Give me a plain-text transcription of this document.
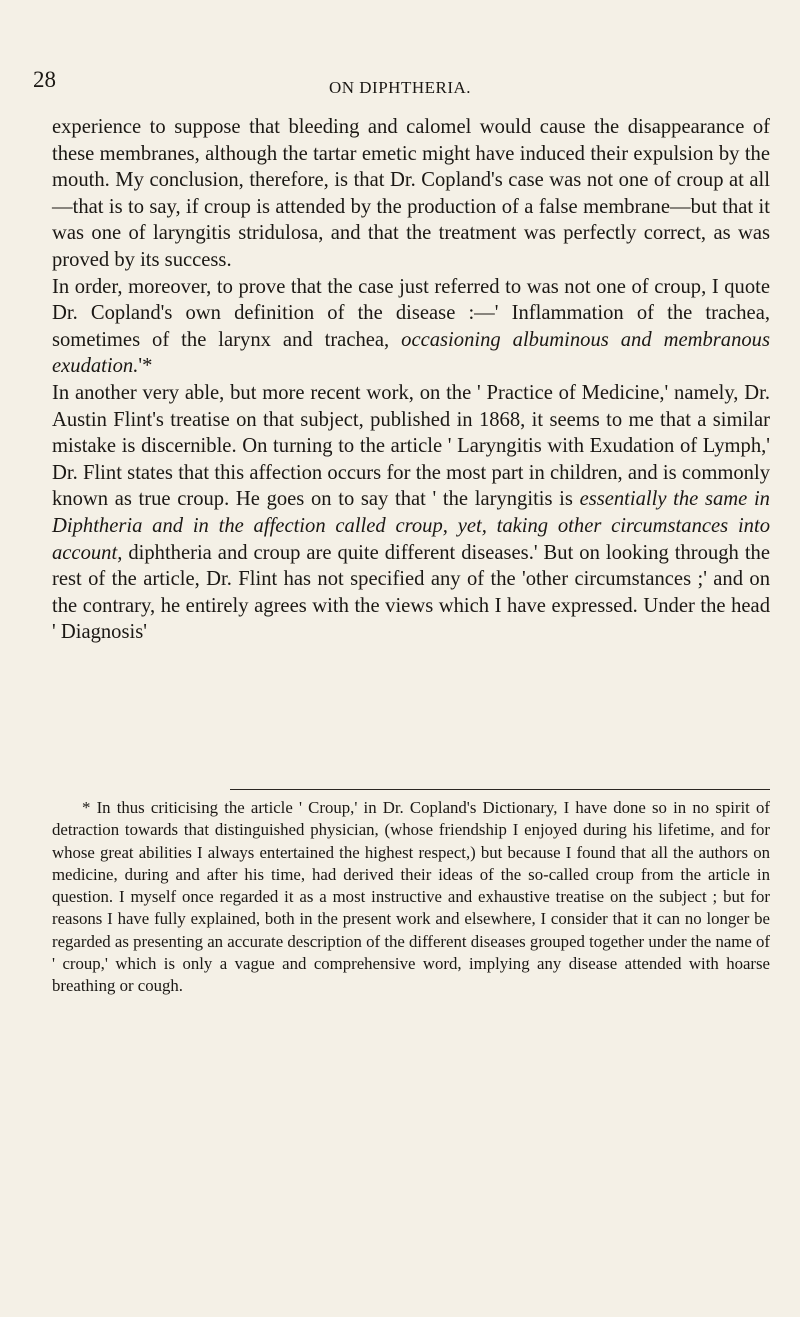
28	ON DIPHTHERIA.

experience to suppose that bleeding and calomel would cause the disappearance of these membranes, although the tartar emetic might have induced their expulsion by the mouth. My conclusion, therefore, is that Dr. Copland's case was not one of croup at all—that is to say, if croup is attended by the production of a false membrane—but that it was one of laryngitis stridulosa, and that the treatment was perfectly correct, as was proved by its success.

In order, moreover, to prove that the case just referred to was not one of croup, I quote Dr. Copland's own definition of the disease :—' Inflammation of the trachea, sometimes of the larynx and trachea, occasioning albuminous and membranous exudation.'*

In another very able, but more recent work, on the ' Practice of Medicine,' namely, Dr. Austin Flint's treatise on that subject, published in 1868, it seems to me that a similar mistake is discernible. On turning to the article ' Laryngitis with Exudation of Lymph,' Dr. Flint states that this affection occurs for the most part in children, and is commonly known as true croup. He goes on to say that ' the laryngitis is essentially the same in Diphtheria and in the affection called croup, yet, taking other circumstances into account, diphtheria and croup are quite different diseases.' But on looking through the rest of the article, Dr. Flint has not specified any of the 'other circumstances ;' and on the contrary, he entirely agrees with the views which I have expressed. Under the head ' Diagnosis'

* In thus criticising the article ' Croup,' in Dr. Copland's Dictionary, I have done so in no spirit of detraction towards that distinguished physician, (whose friendship I enjoyed during his lifetime, and for whose great abilities I always entertained the highest respect,) but because I found that all the authors on medicine, during and after his time, had derived their ideas of the so-called croup from the article in question. I myself once regarded it as a most instructive and exhaustive treatise on the subject ; but for reasons I have fully explained, both in the present work and elsewhere, I consider that it can no longer be regarded as presenting an accurate description of the different diseases grouped together under the name of ' croup,' which is only a vague and comprehensive word, implying any disease attended with hoarse breathing or cough.
